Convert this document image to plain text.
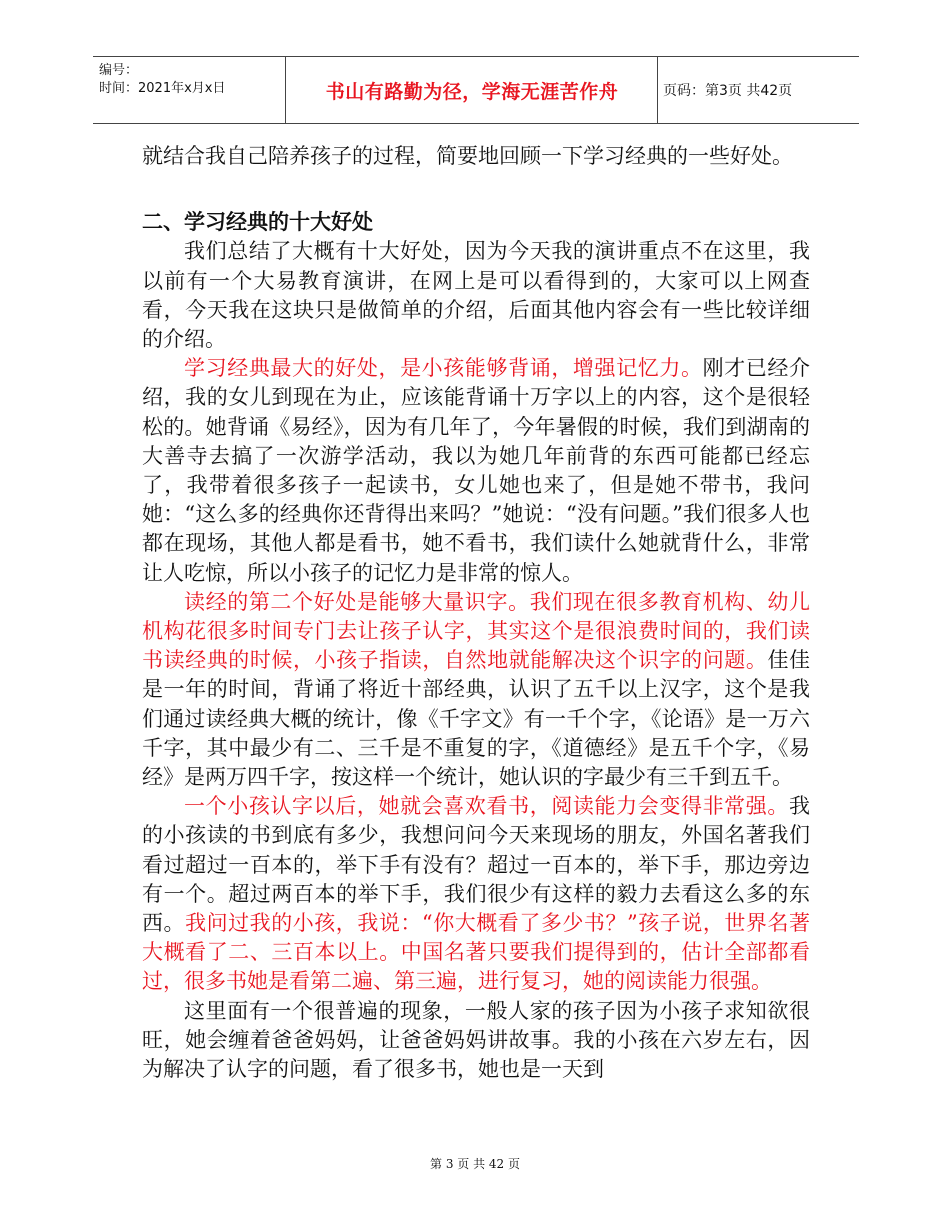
编号：
时间：2021年x月x日	书山有路勤为径，学海无涯苦作舟	页码：第3页 共42页

就结合我自己陪养孩子的过程，简要地回顾一下学习经典的一些好处。

二、学习经典的十大好处

我们总结了大概有十大好处，因为今天我的演讲重点不在这里，我以前有一个大易教育演讲，在网上是可以看得到的，大家可以上网查看，今天我在这块只是做简单的介绍，后面其他内容会有一些比较详细的介绍。

学习经典最大的好处，是小孩能够背诵，增强记忆力。刚才已经介绍，我的女儿到现在为止，应该能背诵十万字以上的内容，这个是很轻松的。她背诵《易经》，因为有几年了，今年暑假的时候，我们到湖南的大善寺去搞了一次游学活动，我以为她几年前背的东西可能都已经忘了，我带着很多孩子一起读书，女儿她也来了，但是她不带书，我问她：“这么多的经典你还背得出来吗？”她说：“没有问题。”我们很多人也都在现场，其他人都是看书，她不看书，我们读什么她就背什么，非常让人吃惊，所以小孩子的记忆力是非常的惊人。

读经的第二个好处是能够大量识字。我们现在很多教育机构、幼儿机构花很多时间专门去让孩子认字，其实这个是很浪费时间的，我们读书读经典的时候，小孩子指读，自然地就能解决这个识字的问题。佳佳是一年的时间，背诵了将近十部经典，认识了五千以上汉字，这个是我们通过读经典大概的统计，像《千字文》有一千个字，《论语》是一万六千字，其中最少有二、三千是不重复的字，《道德经》是五千个字，《易经》是两万四千字，按这样一个统计，她认识的字最少有三千到五千。

一个小孩认字以后，她就会喜欢看书，阅读能力会变得非常强。我的小孩读的书到底有多少，我想问问今天来现场的朋友，外国名著我们看过超过一百本的，举下手有没有？超过一百本的，举下手，那边旁边有一个。超过两百本的举下手，我们很少有这样的毅力去看这么多的东西。我问过我的小孩，我说：“你大概看了多少书？”孩子说，世界名著大概看了二、三百本以上。中国名著只要我们提得到的，估计全部都看过，很多书她是看第二遍、第三遍，进行复习，她的阅读能力很强。

这里面有一个很普遍的现象，一般人家的孩子因为小孩子求知欲很旺，她会缠着爸爸妈妈，让爸爸妈妈讲故事。我的小孩在六岁左右，因为解决了认字的问题，看了很多书，她也是一天到

第 3 页 共 42 页
